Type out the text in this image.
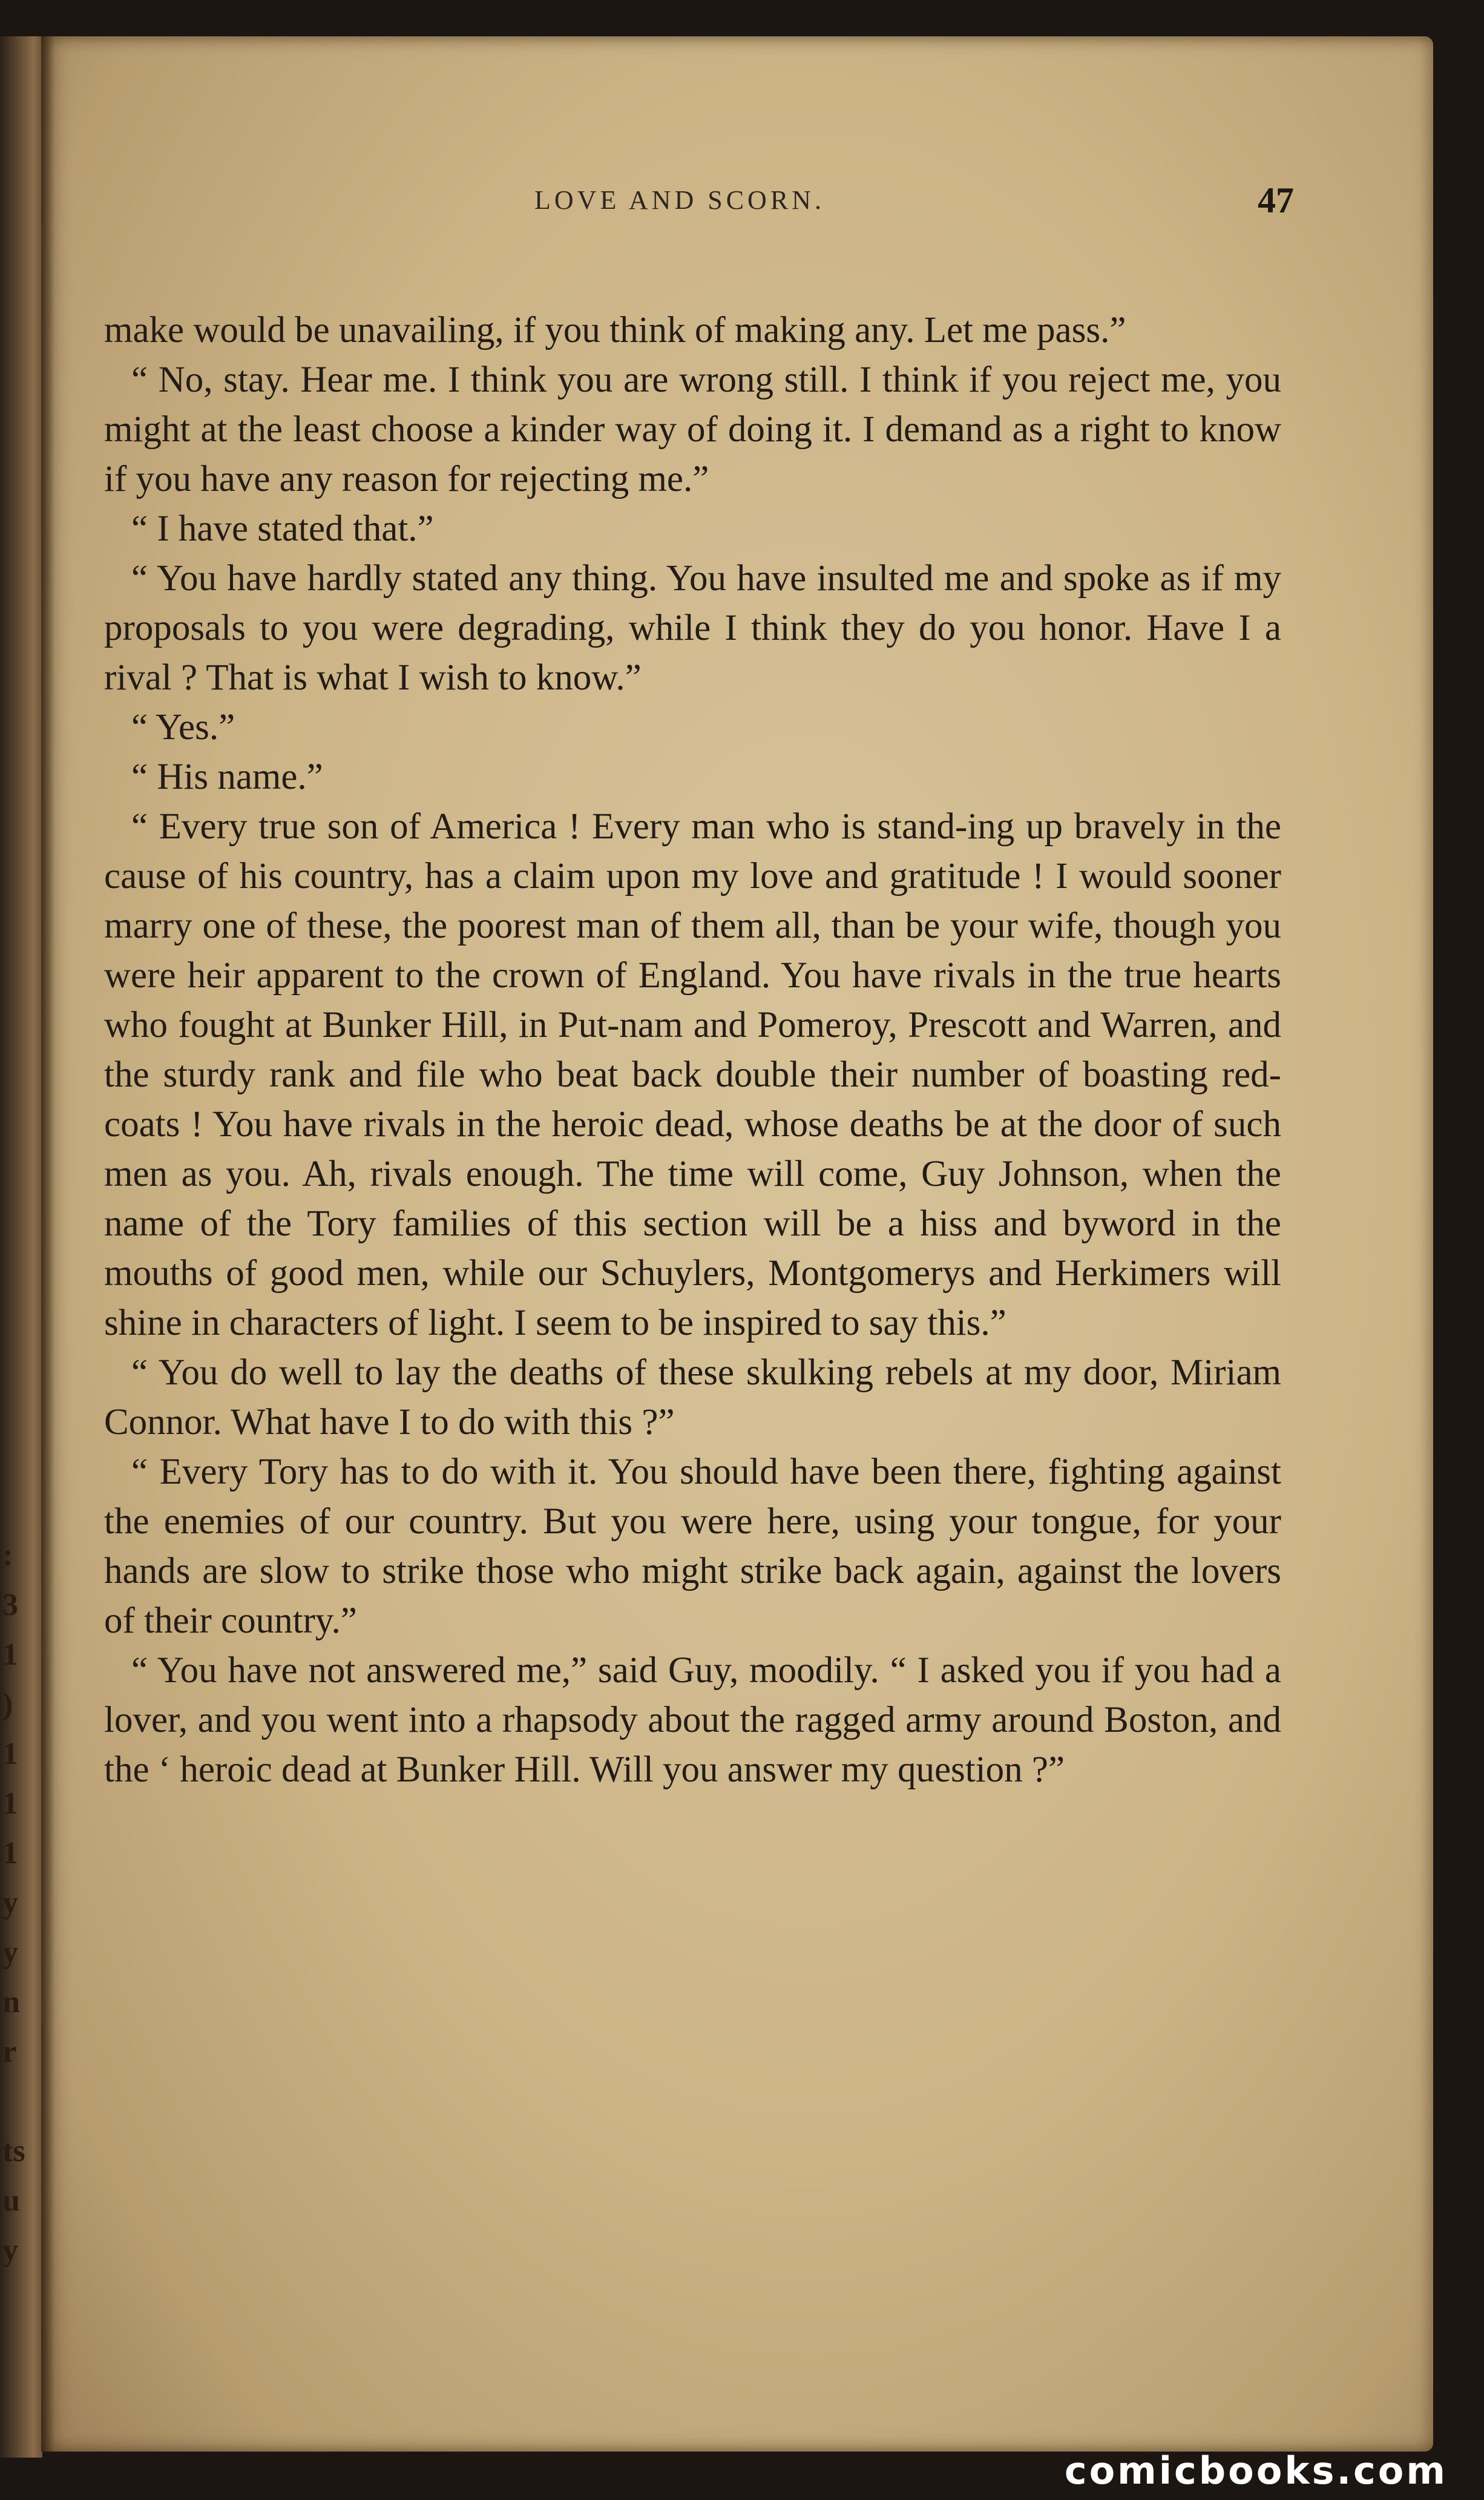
:
3
1
)
1
1
1
y
y
n
r
ts
u
y
LOVE AND SCORN.	47

make would be unavailing, if you think of making any. Let me pass.”

“ No, stay. Hear me. I think you are wrong still. I think if you reject me, you might at the least choose a kinder way of doing it. I demand as a right to know if you have any reason for rejecting me.”

“ I have stated that.”

“ You have hardly stated any thing. You have insulted me and spoke as if my proposals to you were degrading, while I think they do you honor. Have I a rival ? That is what I wish to know.”

“ Yes.”

“ His name.”

“ Every true son of America ! Every man who is stand-ing up bravely in the cause of his country, has a claim upon my love and gratitude ! I would sooner marry one of these, the poorest man of them all, than be your wife, though you were heir apparent to the crown of England. You have rivals in the true hearts who fought at Bunker Hill, in Put-nam and Pomeroy, Prescott and Warren, and the sturdy rank and file who beat back double their number of boasting red-coats ! You have rivals in the heroic dead, whose deaths be at the door of such men as you. Ah, rivals enough. The time will come, Guy Johnson, when the name of the Tory families of this section will be a hiss and byword in the mouths of good men, while our Schuylers, Montgomerys and Herkimers will shine in characters of light. I seem to be inspired to say this.”

“ You do well to lay the deaths of these skulking rebels at my door, Miriam Connor. What have I to do with this ?”

“ Every Tory has to do with it. You should have been there, fighting against the enemies of our country. But you were here, using your tongue, for your hands are slow to strike those who might strike back again, against the lovers of their country.”

“ You have not answered me,” said Guy, moodily. “ I asked you if you had a lover, and you went into a rhapsody about the ragged army around Boston, and the ‘ heroic dead at Bunker Hill. Will you answer my question ?”

comicbooks.com
